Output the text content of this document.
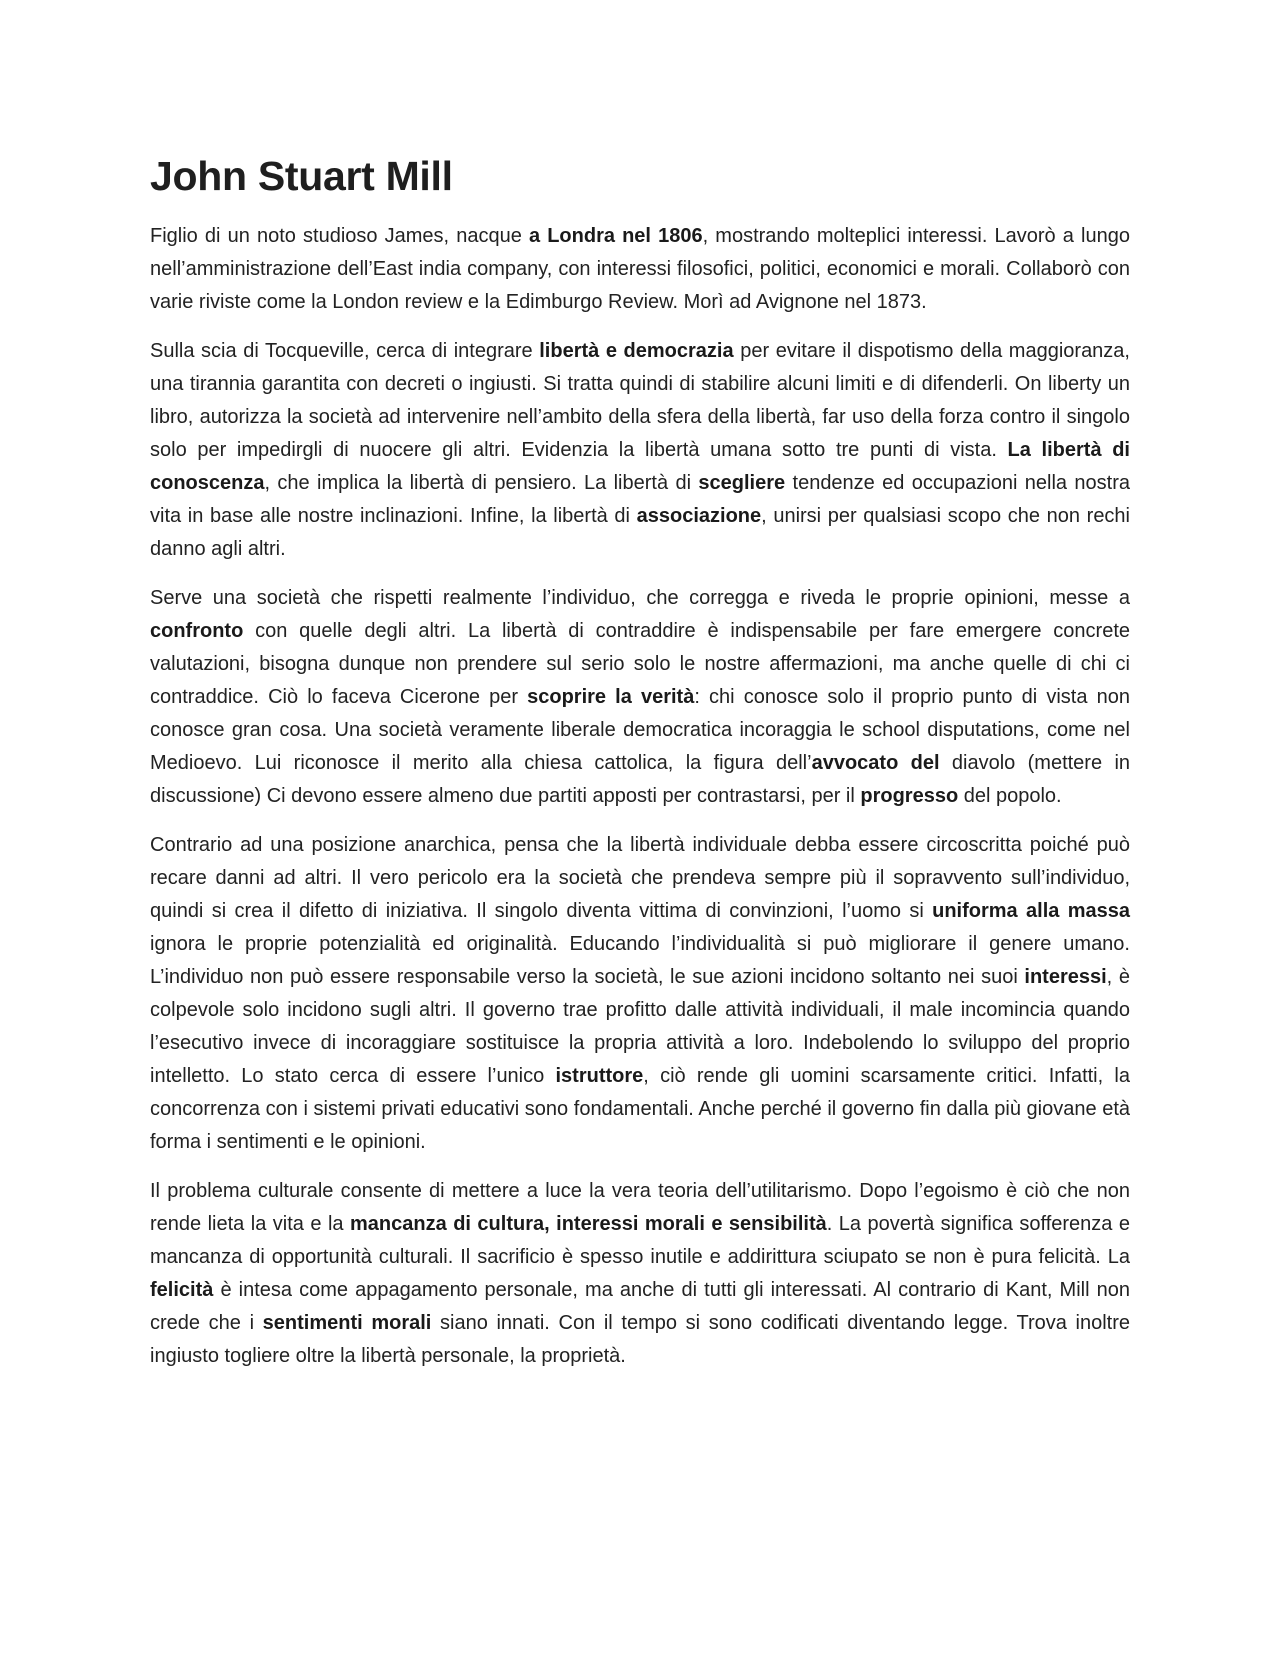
John Stuart Mill

Figlio di un noto studioso James, nacque a Londra nel 1806, mostrando molteplici interessi. Lavorò a lungo nell’amministrazione dell’East india company, con interessi filosofici, politici, economici e morali. Collaborò con varie riviste come la London review e la Edimburgo Review. Morì ad Avignone nel 1873.

Sulla scia di Tocqueville, cerca di integrare libertà e democrazia per evitare il dispotismo della maggioranza, una tirannia garantita con decreti o ingiusti. Si tratta quindi di stabilire alcuni limiti e di difenderli. On liberty un libro, autorizza la società ad intervenire nell’ambito della sfera della libertà, far uso della forza contro il singolo solo per impedirgli di nuocere gli altri. Evidenzia la libertà umana sotto tre punti di vista. La libertà di conoscenza, che implica la libertà di pensiero. La libertà di scegliere tendenze ed occupazioni nella nostra vita in base alle nostre inclinazioni. Infine, la libertà di associazione, unirsi per qualsiasi scopo che non rechi danno agli altri.

Serve una società che rispetti realmente l’individuo, che corregga e riveda le proprie opinioni, messe a confronto con quelle degli altri. La libertà di contraddire è indispensabile per fare emergere concrete valutazioni, bisogna dunque non prendere sul serio solo le nostre affermazioni, ma anche quelle di chi ci contraddice. Ciò lo faceva Cicerone per scoprire la verità: chi conosce solo il proprio punto di vista non conosce gran cosa. Una società veramente liberale democratica incoraggia le school disputations, come nel Medioevo. Lui riconosce il merito alla chiesa cattolica, la figura dell’avvocato del diavolo (mettere in discussione) Ci devono essere almeno due partiti apposti per contrastarsi, per il progresso del popolo.

Contrario ad una posizione anarchica, pensa che la libertà individuale debba essere circoscritta poiché può recare danni ad altri. Il vero pericolo era la società che prendeva sempre più il sopravvento sull’individuo, quindi si crea il difetto di iniziativa. Il singolo diventa vittima di convinzioni, l’uomo si uniforma alla massa ignora le proprie potenzialità ed originalità. Educando l’individualità si può migliorare il genere umano. L’individuo non può essere responsabile verso la società, le sue azioni incidono soltanto nei suoi interessi, è colpevole solo incidono sugli altri. Il governo trae profitto dalle attività individuali, il male incomincia quando l’esecutivo invece di incoraggiare sostituisce la propria attività a loro. Indebolendo lo sviluppo del proprio intelletto. Lo stato cerca di essere l’unico istruttore, ciò rende gli uomini scarsamente critici. Infatti, la concorrenza con i sistemi privati educativi sono fondamentali. Anche perché il governo fin dalla più giovane età forma i sentimenti e le opinioni.

Il problema culturale consente di mettere a luce la vera teoria dell’utilitarismo. Dopo l’egoismo è ciò che non rende lieta la vita e la mancanza di cultura, interessi morali e sensibilità. La povertà significa sofferenza e mancanza di opportunità culturali. Il sacrificio è spesso inutile e addirittura sciupato se non è pura felicità. La felicità è intesa come appagamento personale, ma anche di tutti gli interessati. Al contrario di Kant, Mill non crede che i sentimenti morali siano innati. Con il tempo si sono codificati diventando legge. Trova inoltre ingiusto togliere oltre la libertà personale, la proprietà.
